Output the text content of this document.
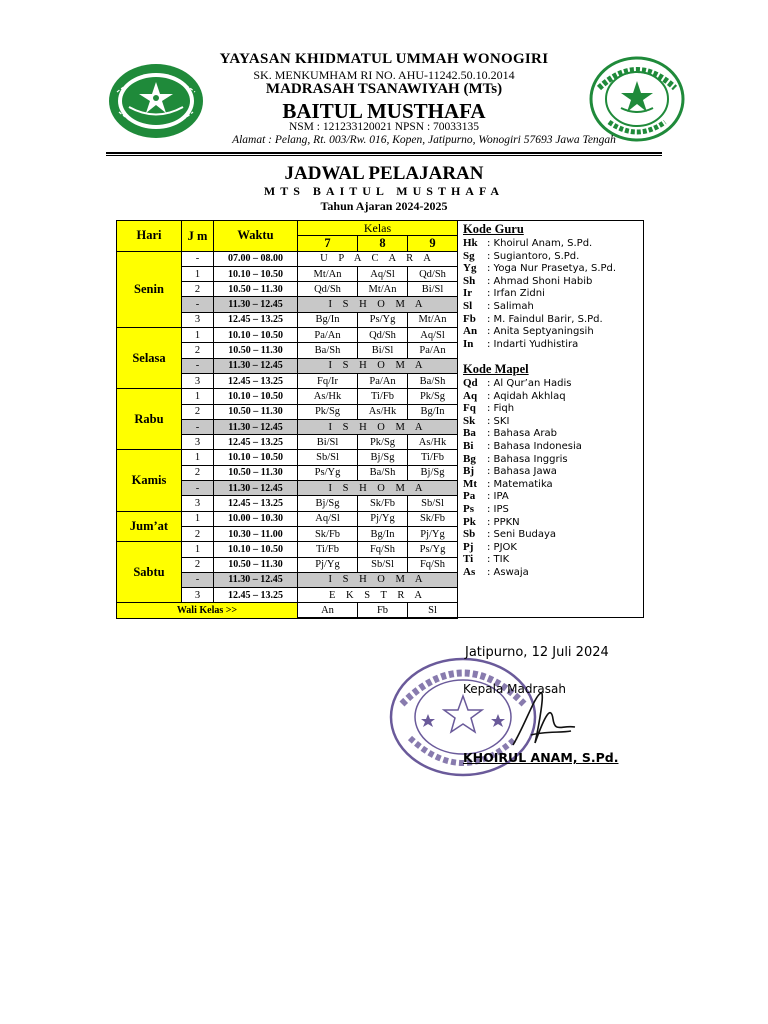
YAYASAN KHIDMATUL UMMAH WONOGIRI
SK. MENKUMHAM RI NO. AHU-11242.50.10.2014
MADRASAH TSANAWIYAH (MTs)
BAITUL MUSTHAFA
NSM : 121233120021 NPSN : 70033135
Alamat : Pelang, Rt. 003/Rw. 016, Kopen, Jatipurno, Wonogiri 57693 Jawa Tengah
JADWAL PELAJARAN
MTS BAITUL MUSTHAFA
Tahun Ajaran 2024-2025
Hari	J m	Waktu	Kelas		
			7	8	9
Senin	-	07.00 – 08.00	U P A C A R A		
	1	10.10 – 10.50	Mt/An	Aq/Sl	Qd/Sh
	2	10.50 – 11.30	Qd/Sh	Mt/An	Bi/Sl
	-	11.30 – 12.45	I S H O M A		
	3	12.45 – 13.25	Bg/In	Ps/Yg	Mt/An
Selasa	1	10.10 – 10.50	Pa/An	Qd/Sh	Aq/Sl
	2	10.50 – 11.30	Ba/Sh	Bi/Sl	Pa/An
	-	11.30 – 12.45	I S H O M A		
	3	12.45 – 13.25	Fq/Ir	Pa/An	Ba/Sh
Rabu	1	10.10 – 10.50	As/Hk	Ti/Fb	Pk/Sg
	2	10.50 – 11.30	Pk/Sg	As/Hk	Bg/In
	-	11.30 – 12.45	I S H O M A		
	3	12.45 – 13.25	Bi/Sl	Pk/Sg	As/Hk
Kamis	1	10.10 – 10.50	Sb/Sl	Bj/Sg	Ti/Fb
	2	10.50 – 11.30	Ps/Yg	Ba/Sh	Bj/Sg
	-	11.30 – 12.45	I S H O M A		
	3	12.45 – 13.25	Bj/Sg	Sk/Fb	Sb/Sl
Jum’at	1	10.00 – 10.30	Aq/Sl	Pj/Yg	Sk/Fb
	2	10.30 – 11.00	Sk/Fb	Bg/In	Pj/Yg
Sabtu	1	10.10 – 10.50	Ti/Fb	Fq/Sh	Ps/Yg
	2	10.50 – 11.30	Pj/Yg	Sb/Sl	Fq/Sh
	-	11.30 – 12.45	I S H O M A		
	3	12.45 – 13.25	E K S T R A		
Wali Kelas >>			An	Fb	Sl
Kode Guru
Hk : Khoirul Anam, S.Pd.
Sg : Sugiantoro, S.Pd.
Yg : Yoga Nur Prasetya, S.Pd.
Sh : Ahmad Shoni Habib
Ir : Irfan Zidni
Sl : Salimah
Fb : M. Faindul Barir, S.Pd.
An : Anita Septyaningsih
In : Indarti Yudhistira
Kode Mapel
Qd : Al Qur’an Hadis
Aq : Aqidah Akhlaq
Fq : Fiqh
Sk : SKI
Ba : Bahasa Arab
Bi : Bahasa Indonesia
Bg : Bahasa Inggris
Bj : Bahasa Jawa
Mt : Matematika
Pa : IPA
Ps : IPS
Pk : PPKN
Sb : Seni Budaya
Pj : PJOK
Ti : TIK
As : Aswaja
Jatipurno, 12 Juli 2024
Kepala Madrasah
KHOIRUL ANAM, S.Pd.
